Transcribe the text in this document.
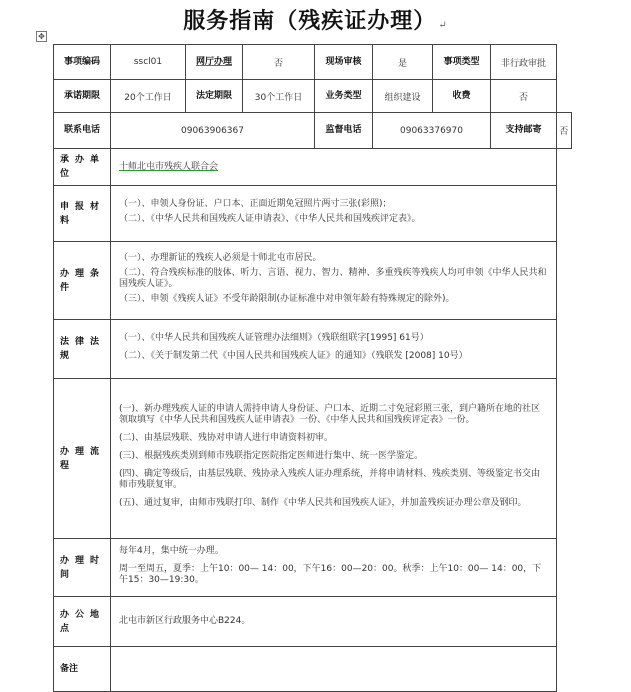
服务指南（残疾证办理） ↵
✥
事项编码	sscl01	网厅办理	否	现场审核	是	事项类型	非行政审批	
承诺期限	20个工作日	法定期限	30个工作日	业务类型	组织建设	收费	否	
联系电话	09063906367			监督电话	09063376970		支持邮寄	否
承办单位	十师北屯市残疾人联合会							
申报材料	（一）、申领人身份证、户口本、正面近期免冠照片两寸三张(彩照)；

（二）、《中华人民共和国残疾人证申请表》、《中华人民共和国残疾评定表》。							

办理条件	（一）、办理新证的残疾人必须是十师北屯市居民。

（二）、符合残疾标准的肢体、听力、言语、视力、智力、精神、多重残疾等残疾人均可申领《中华人民共和国残疾人证》。

（三）、申领《残疾人证》不受年龄限制(办证标准中对申领年龄有特殊规定的除外)。							

法律法规	（一）、《中华人民共和国残疾人证管理办法细则》（残联组联字[1995] 61号）

（二）、《关于制发第二代《中国人民共和国残疾人证》的通知》（残联发 [2008] 10号）							

办理流程	(一)、新办理残疾人证的申请人需持申请人身份证、户口本、近期二寸免冠彩照三张，到户籍所在地的社区领取填写《中华人民共和国残疾人证申请表》一份、《中华人民共和国残疾评定表》一份。

(二)、由基层残联、残协对申请人进行申请资料初审。

(三)、根据残疾类别到师市残联指定医院指定医师进行集中、统一医学鉴定。

(四)、确定等级后，由基层残联、残协录入残疾人证办理系统，并将申请材料、残疾类别、等级鉴定书交由师市残联复审。

(五)、通过复审，由师市残联打印、制作《中华人民共和国残疾人证》，并加盖残疾证办理公章及钢印。							

办理时间	每年4月，集中统一办理。

周一至周五，夏季：上午10：00— 14：00，下午16：00—20：00。秋季：上午10：00— 14：00，下午15：30—19:30。							

办公地点	北屯市新区行政服务中心B224。							
备注								
